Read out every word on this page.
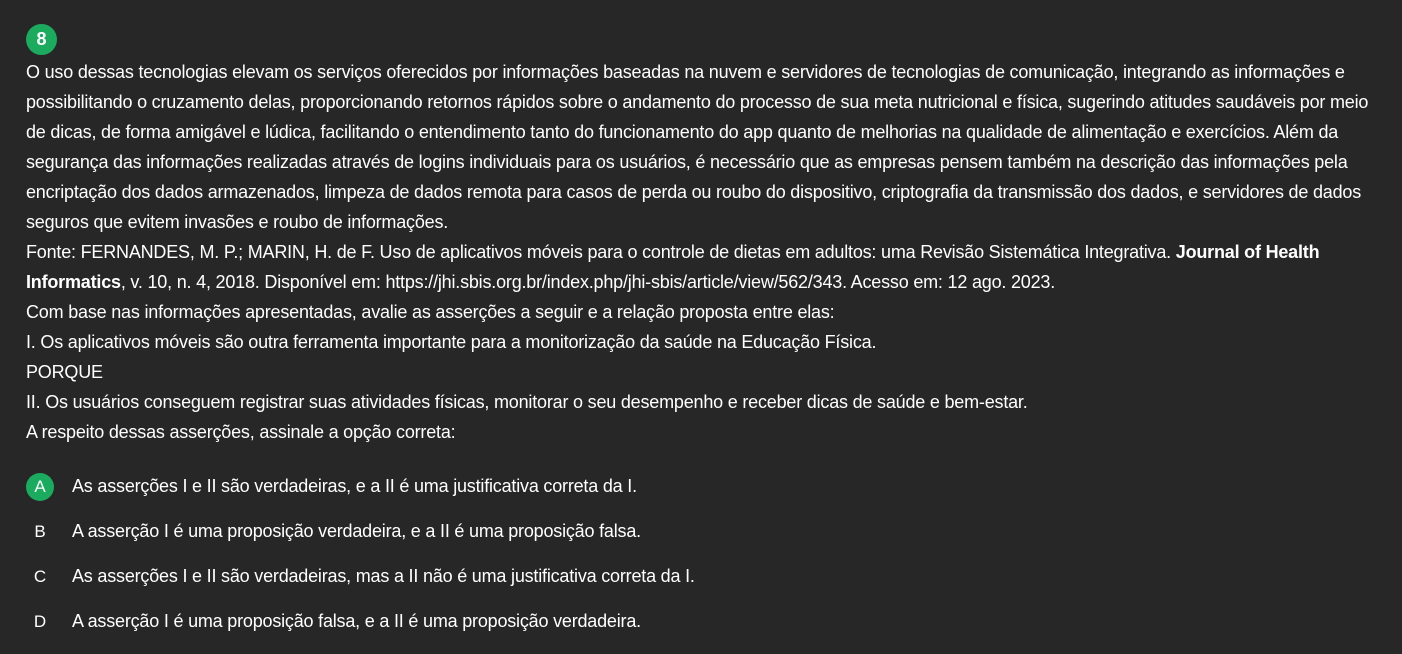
8

O uso dessas tecnologias elevam os serviços oferecidos por informações baseadas na nuvem e servidores de tecnologias de comunicação, integrando as informações e possibilitando o cruzamento delas, proporcionando retornos rápidos sobre o andamento do processo de sua meta nutricional e física, sugerindo atitudes saudáveis por meio de dicas, de forma amigável e lúdica, facilitando o entendimento tanto do funcionamento do app quanto de melhorias na qualidade de alimentação e exercícios. Além da segurança das informações realizadas através de logins individuais para os usuários, é necessário que as empresas pensem também na descrição das informações pela encriptação dos dados armazenados, limpeza de dados remota para casos de perda ou roubo do dispositivo, criptografia da transmissão dos dados, e servidores de dados seguros que evitem invasões e roubo de informações.

Fonte: FERNANDES, M. P.; MARIN, H. de F. Uso de aplicativos móveis para o controle de dietas em adultos: uma Revisão Sistemática Integrativa. Journal of Health Informatics, v. 10, n. 4, 2018. Disponível em: https://jhi.sbis.org.br/index.php/jhi-sbis/article/view/562/343. Acesso em: 12 ago. 2023.

Com base nas informações apresentadas, avalie as asserções a seguir e a relação proposta entre elas:

I. Os aplicativos móveis são outra ferramenta importante para a monitorização da saúde na Educação Física.

PORQUE

II. Os usuários conseguem registrar suas atividades físicas, monitorar o seu desempenho e receber dicas de saúde e bem-estar.

A respeito dessas asserções, assinale a opção correta:

A	As asserções I e II são verdadeiras, e a II é uma justificativa correta da I.
B	A asserção I é uma proposição verdadeira, e a II é uma proposição falsa.
C	As asserções I e II são verdadeiras, mas a II não é uma justificativa correta da I.
D	A asserção I é uma proposição falsa, e a II é uma proposição verdadeira.
